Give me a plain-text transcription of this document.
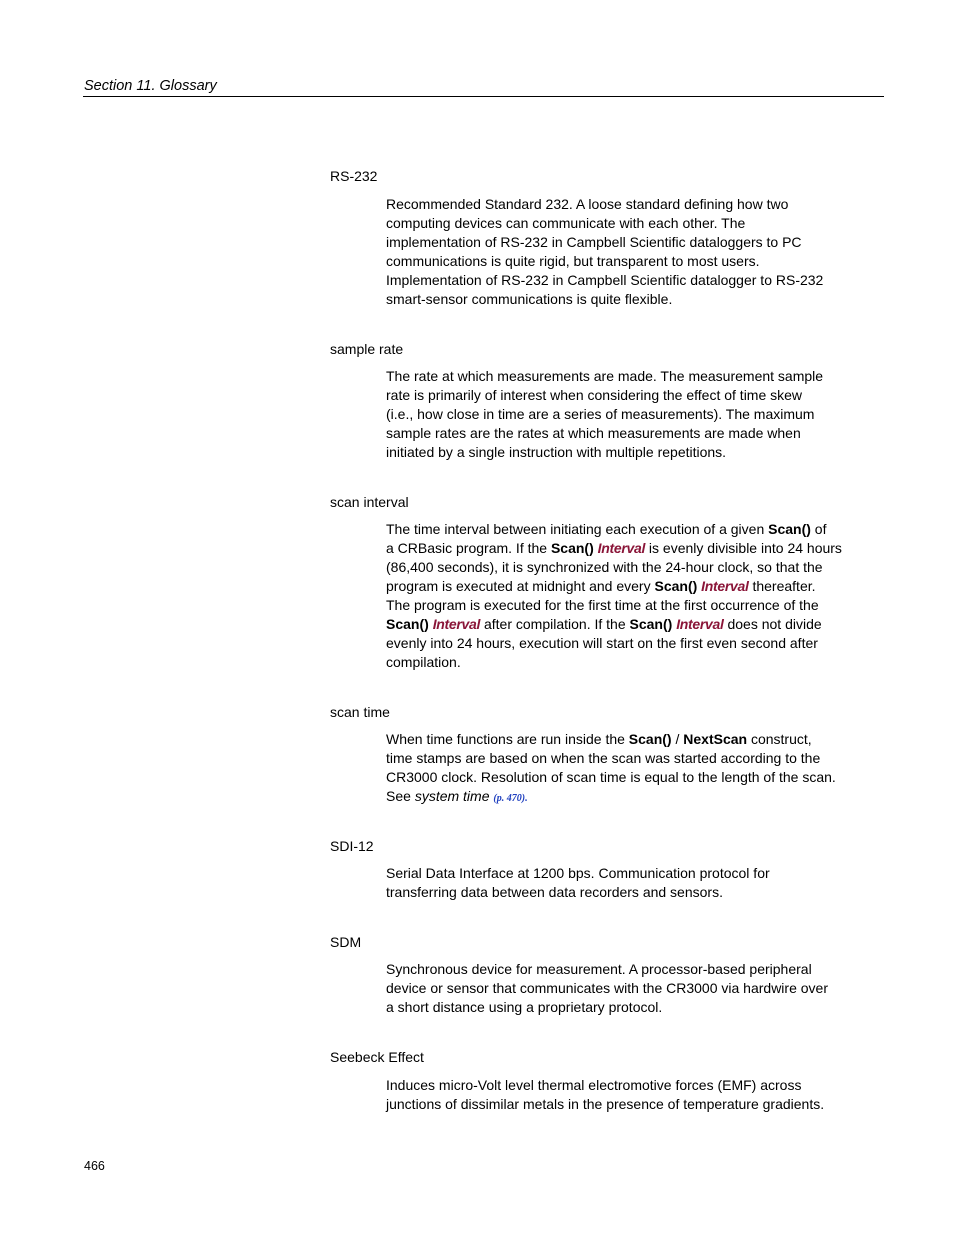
Section 11. Glossary
RS-232
Recommended Standard 232. A loose standard defining how two
computing devices can communicate with each other. The
implementation of RS-232 in Campbell Scientific dataloggers to PC
communications is quite rigid, but transparent to most users.
Implementation of RS-232 in Campbell Scientific datalogger to RS-232
smart-sensor communications is quite flexible.
sample rate
The rate at which measurements are made. The measurement sample
rate is primarily of interest when considering the effect of time skew
(i.e., how close in time are a series of measurements). The maximum
sample rates are the rates at which measurements are made when
initiated by a single instruction with multiple repetitions.
scan interval
The time interval between initiating each execution of a given Scan() of
a CRBasic program. If the Scan() Interval is evenly divisible into 24 hours
(86,400 seconds), it is synchronized with the 24-hour clock, so that the
program is executed at midnight and every Scan() Interval thereafter.
The program is executed for the first time at the first occurrence of the
Scan() Interval after compilation. If the Scan() Interval does not divide
evenly into 24 hours, execution will start on the first even second after
compilation.
scan time
When time functions are run inside the Scan() / NextScan construct,
time stamps are based on when the scan was started according to the
CR3000 clock. Resolution of scan time is equal to the length of the scan.
See system time (p. 470).
SDI-12
Serial Data Interface at 1200 bps. Communication protocol for
transferring data between data recorders and sensors.
SDM
Synchronous device for measurement. A processor-based peripheral
device or sensor that communicates with the CR3000 via hardwire over
a short distance using a proprietary protocol.
Seebeck Effect
Induces micro-Volt level thermal electromotive forces (EMF) across
junctions of dissimilar metals in the presence of temperature gradients.
466
